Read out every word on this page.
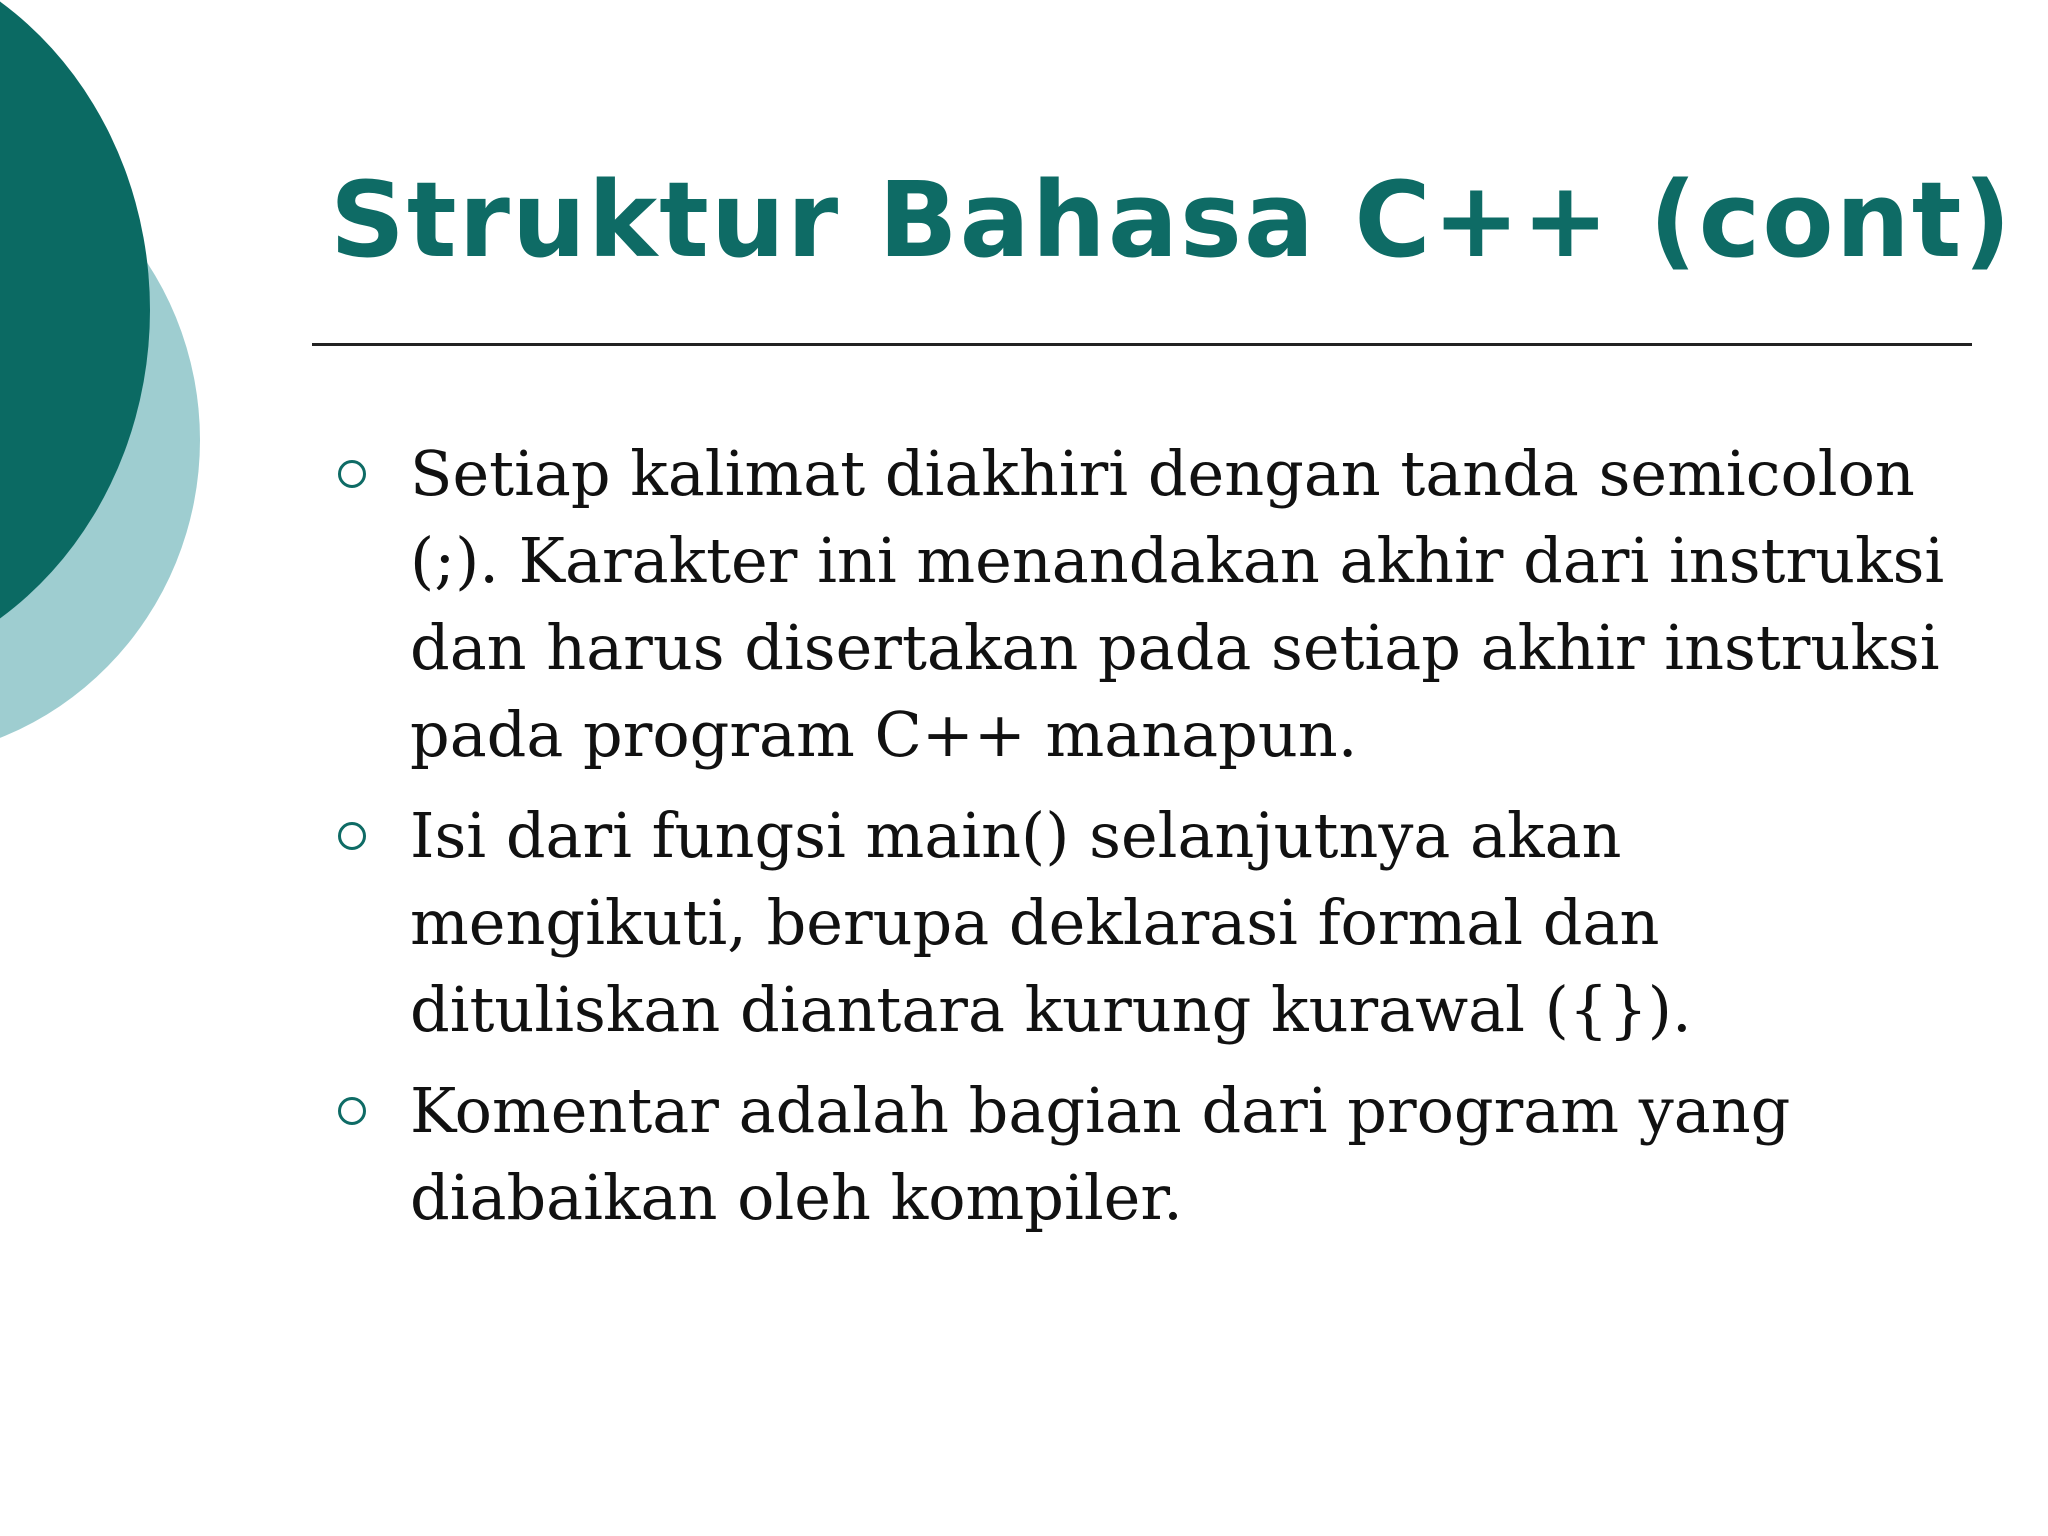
Struktur Bahasa C++ (cont)
Setiap kalimat diakhiri dengan tanda semicolon (;). Karakter ini menandakan akhir dari instruksi dan harus disertakan pada setiap akhir instruksi pada program C++ manapun.
Isi dari fungsi main() selanjutnya akan mengikuti, berupa deklarasi formal dan dituliskan diantara kurung kurawal ({}).
Komentar adalah bagian dari program yang diabaikan oleh kompiler.
